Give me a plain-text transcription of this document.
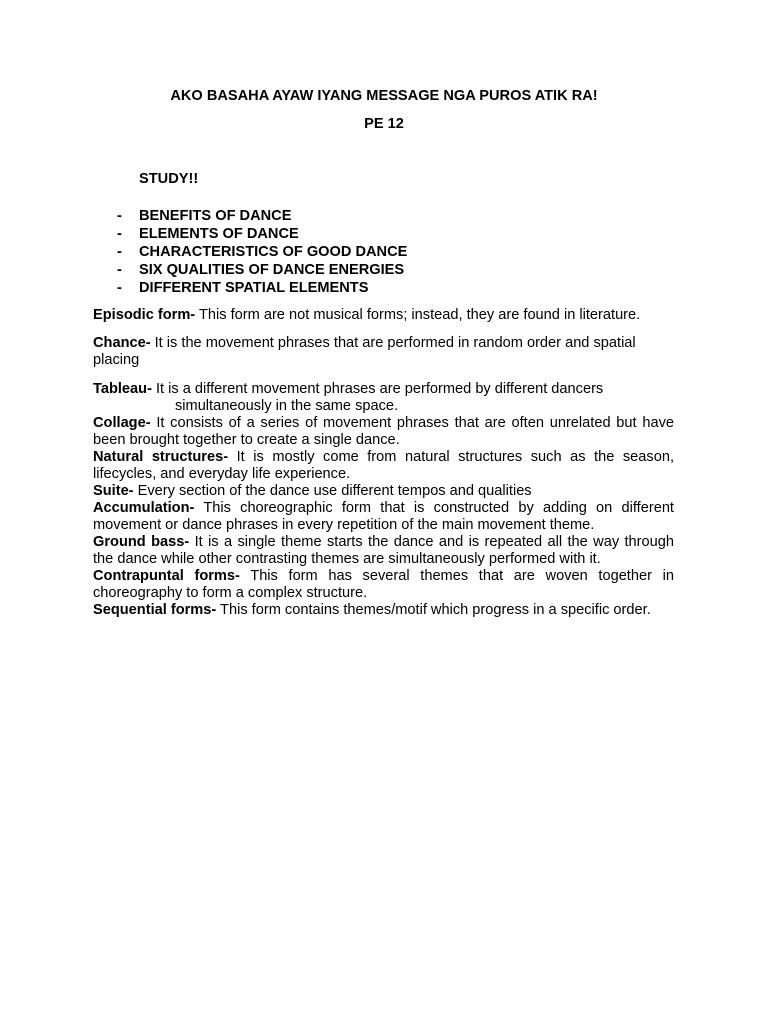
AKO BASAHA AYAW IYANG MESSAGE NGA PUROS ATIK RA!
PE 12
STUDY!!
- BENEFITS OF DANCE
- ELEMENTS OF DANCE
- CHARACTERISTICS OF GOOD DANCE
- SIX QUALITIES OF DANCE ENERGIES
- DIFFERENT SPATIAL ELEMENTS

Episodic form- This form are not musical forms; instead, they are found in literature.

Chance- It is the movement phrases that are performed in random order and spatial placing

Tableau- It is a different movement phrases are performed by different dancers
simultaneously in the same space.

Collage- It consists of a series of movement phrases that are often unrelated but have been brought together to create a single dance.

Natural structures- It is mostly come from natural structures such as the season, lifecycles, and everyday life experience.

Suite- Every section of the dance use different tempos and qualities

Accumulation- This choreographic form that is constructed by adding on different movement or dance phrases in every repetition of the main movement theme.

Ground bass- It is a single theme starts the dance and is repeated all the way through the dance while other contrasting themes are simultaneously performed with it.

Contrapuntal forms- This form has several themes that are woven together in choreography to form a complex structure.

Sequential forms- This form contains themes/motif which progress in a specific order.
